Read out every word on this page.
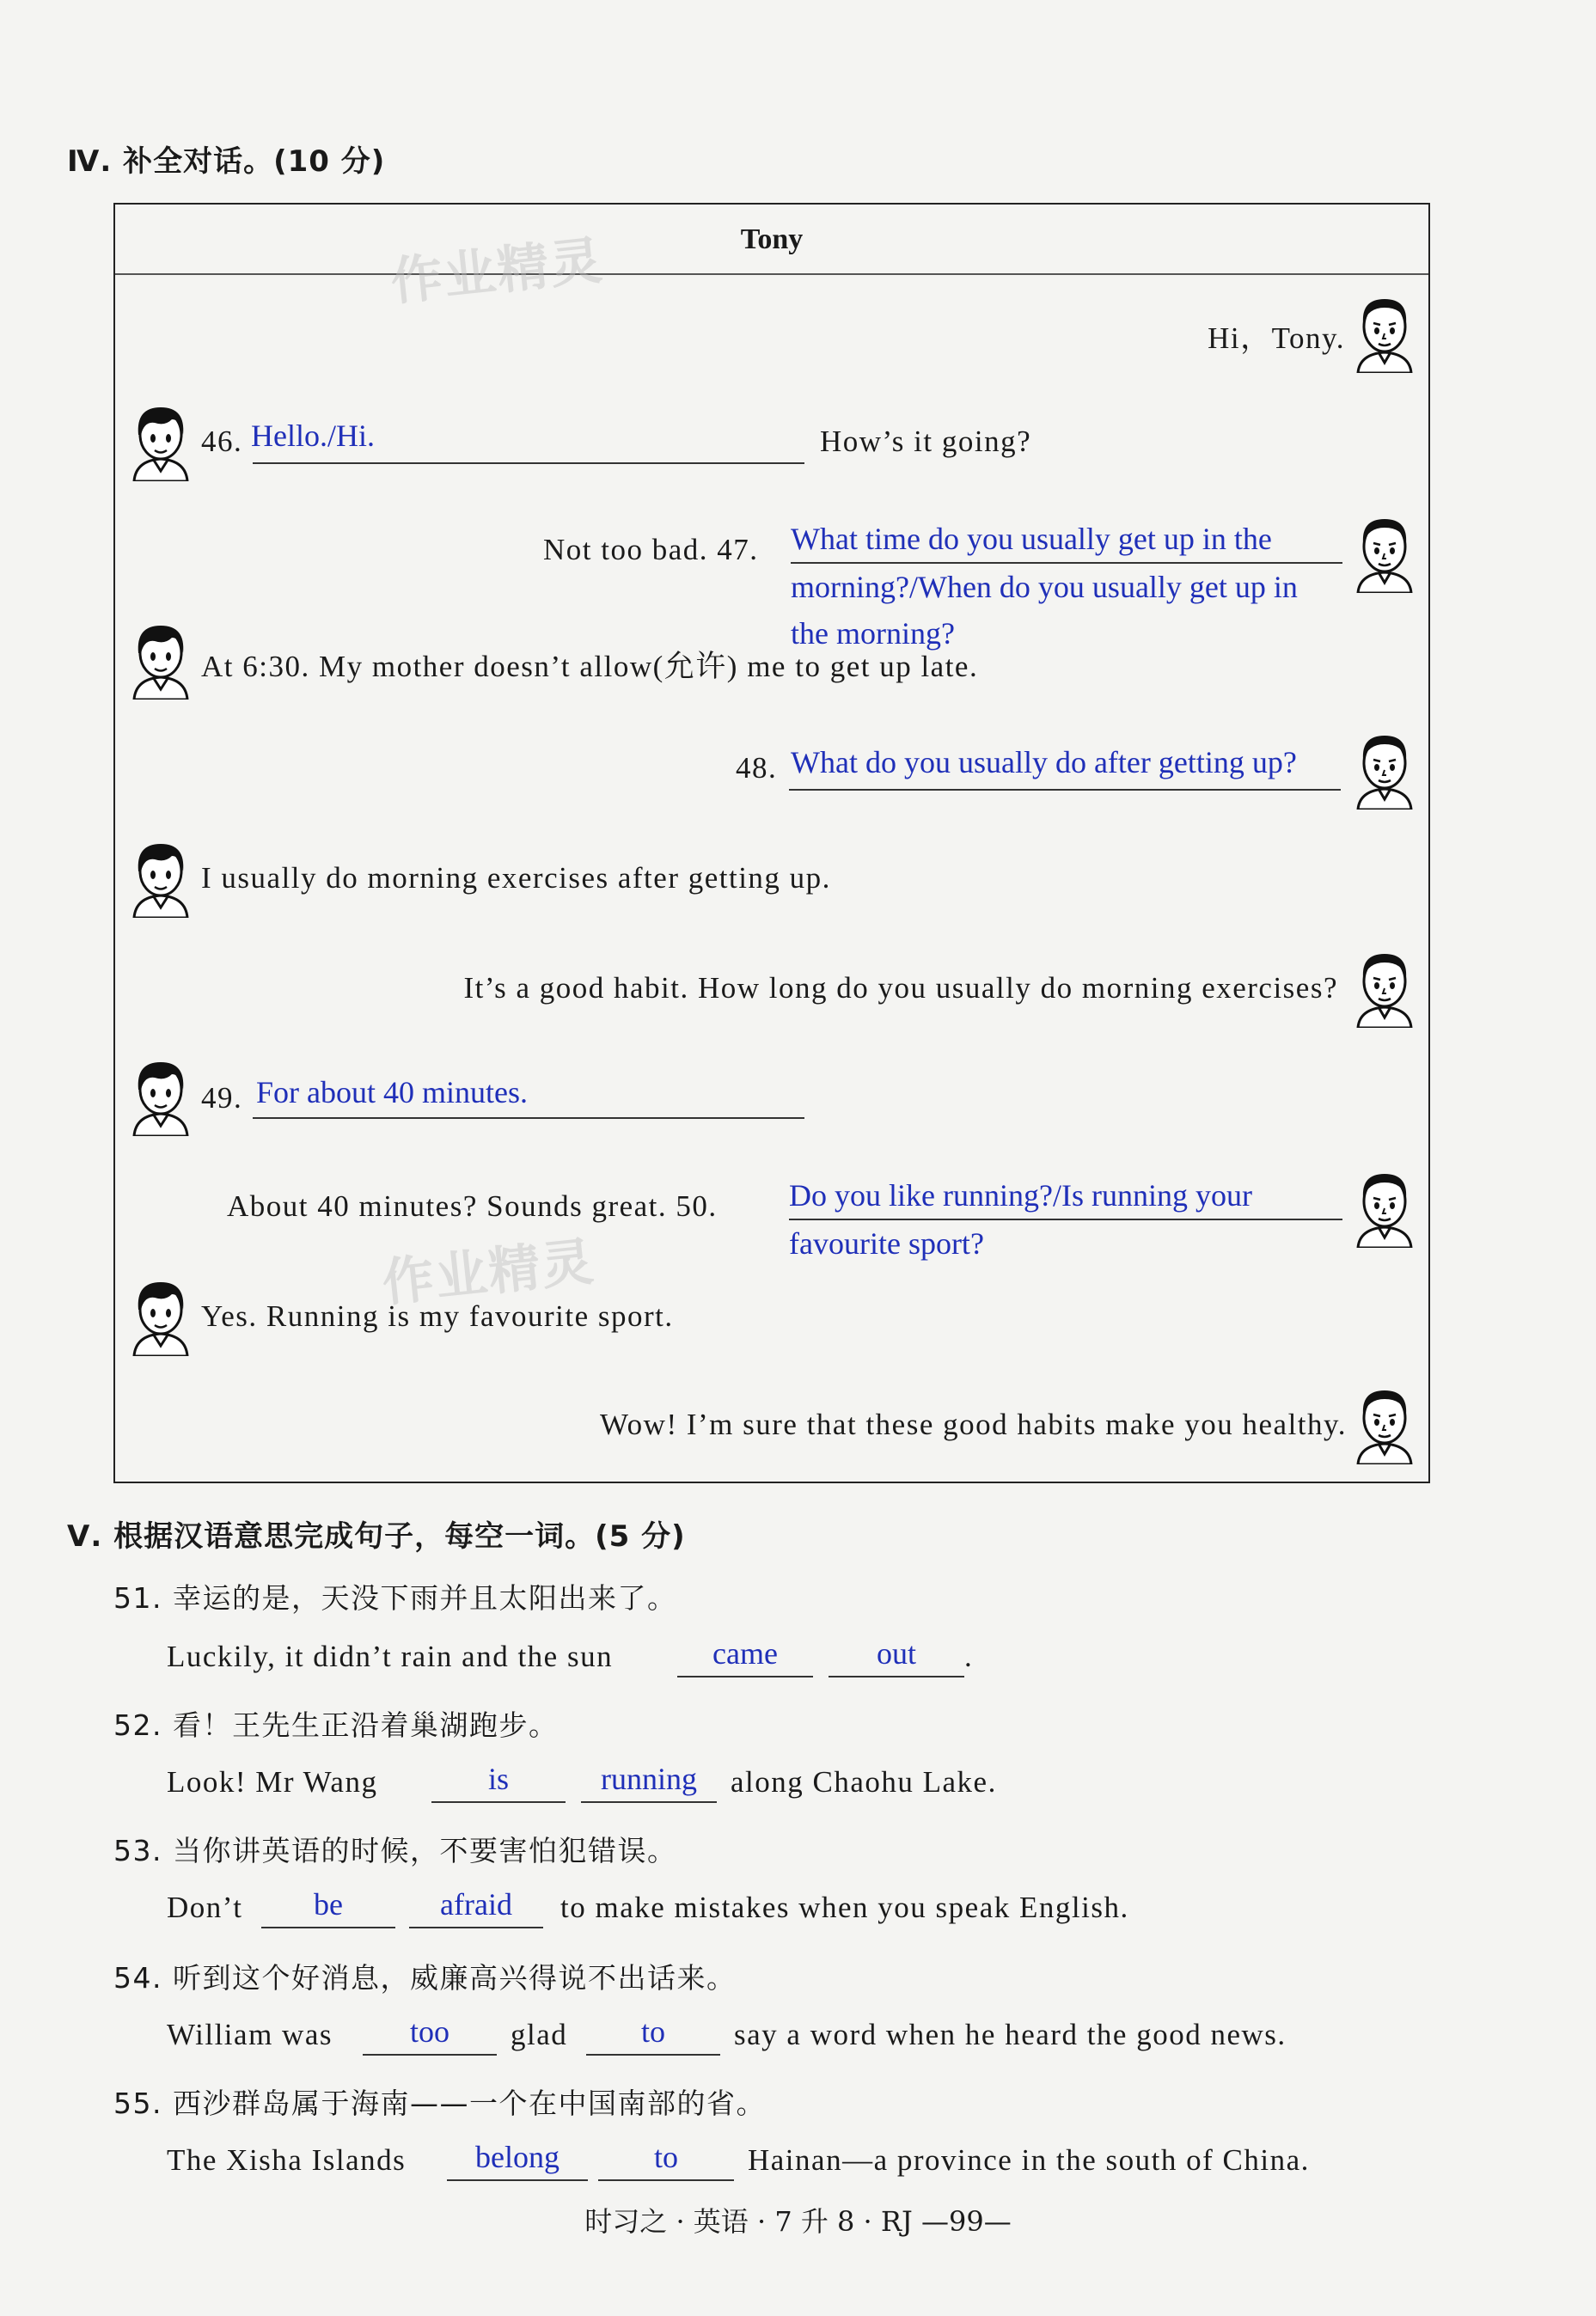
Ⅳ. 补全对话。(10 分)
Tony
作业精灵
作业精灵
Hi，Tony.
46. Hello./Hi.	How’s it going?
Not too bad. 47. What time do you usually get up in the
morning?/When do you usually get up in
the morning?
At 6:30. My mother doesn’t allow(允许) me to get up late.
48. What do you usually do after getting up?
I usually do morning exercises after getting up.
It’s a good habit. How long do you usually do morning exercises?
49. For about 40 minutes.
About 40 minutes? Sounds great. 50. Do you like running?/Is running your
favourite sport?
Yes. Running is my favourite sport.
Wow! I’m sure that these good habits make you healthy.
Ⅴ. 根据汉语意思完成句子，每空一词。(5 分)
51. 幸运的是，天没下雨并且太阳出来了。
Luckily, it didn’t rain and the sun	came	out	.
52. 看！王先生正沿着巢湖跑步。
Look! Mr Wang	is	running	along Chaohu Lake.
53. 当你讲英语的时候，不要害怕犯错误。
Don’t	be	afraid	to make mistakes when you speak English.
54. 听到这个好消息，威廉高兴得说不出话来。
William was	too	glad	to	say a word when he heard the good news.
55. 西沙群岛属于海南——一个在中国南部的省。
The Xisha Islands	belong	to	Hainan—a province in the south of China.
时习之 · 英语 · 7 升 8 · RJ —99—
